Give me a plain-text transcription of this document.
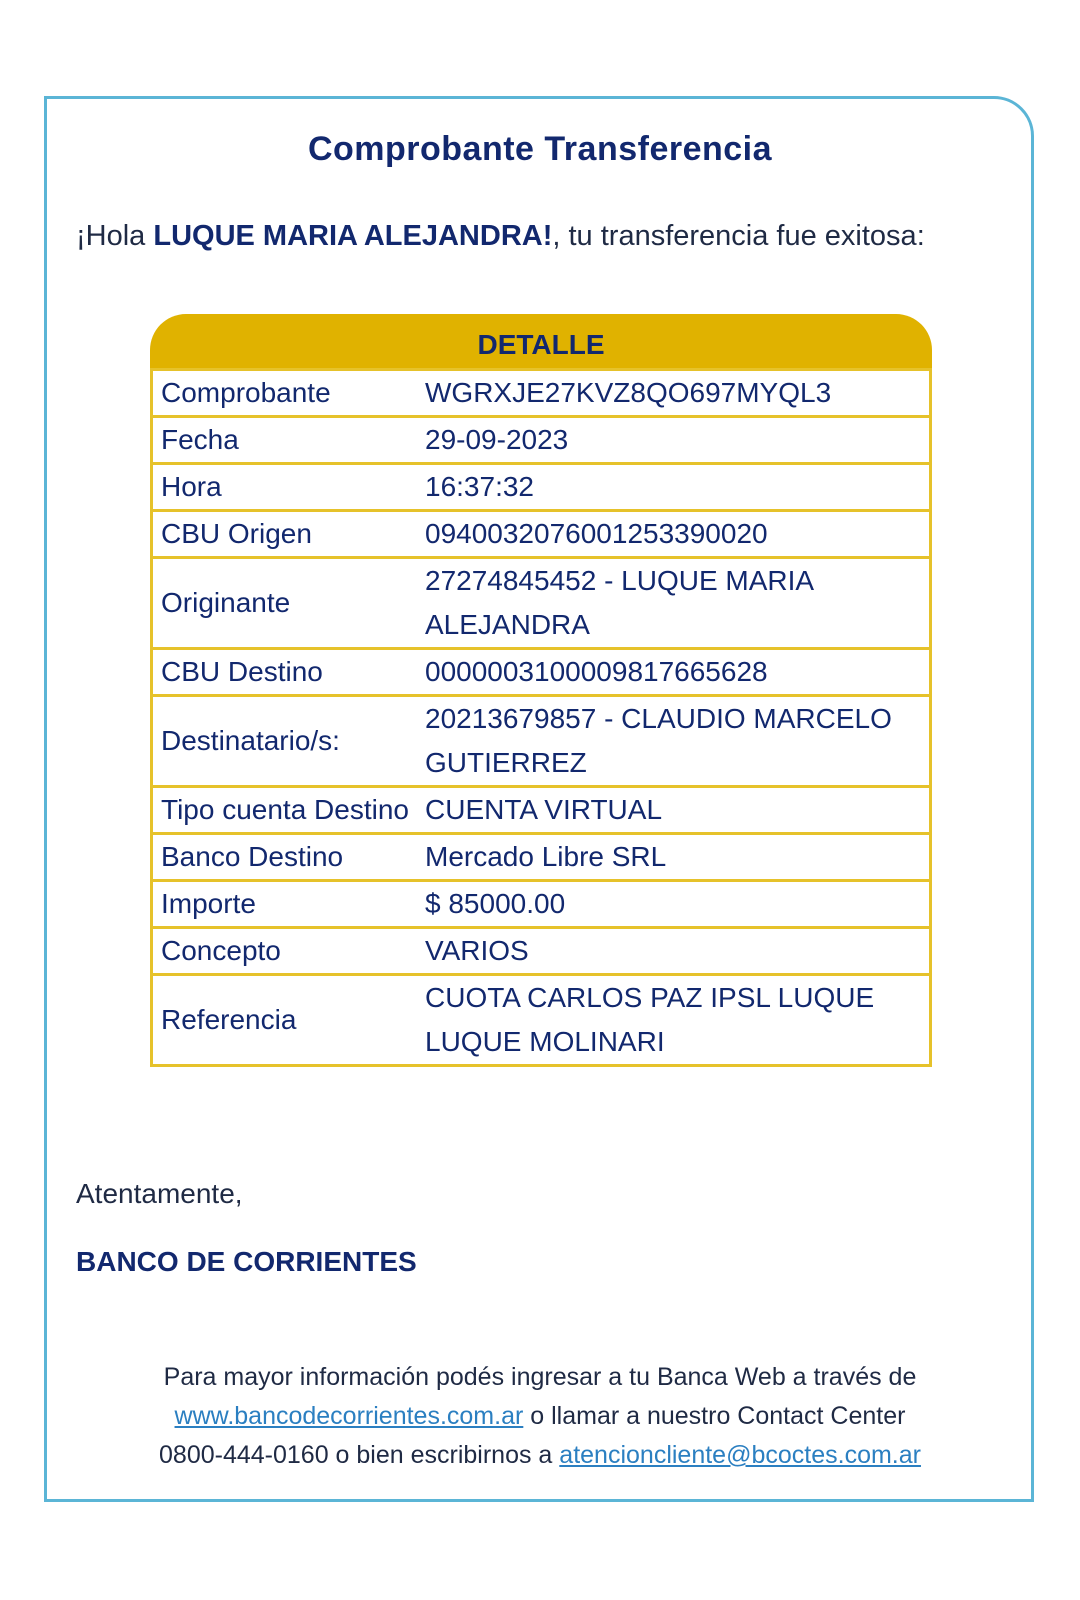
Comprobante Transferencia
¡Hola LUQUE MARIA ALEJANDRA!, tu transferencia fue exitosa:
DETALLE
Comprobante	WGRXJE27KVZ8QO697MYQL3
Fecha	29-09-2023
Hora	16:37:32
CBU Origen	0940032076001253390020
Originante	27274845452 - LUQUE MARIA ALEJANDRA
CBU Destino	0000003100009817665628
Destinatario/s:	20213679857 - CLAUDIO MARCELO GUTIERREZ
Tipo cuenta Destino	CUENTA VIRTUAL
Banco Destino	Mercado Libre SRL
Importe	$ 85000.00
Concepto	VARIOS
Referencia	CUOTA CARLOS PAZ IPSL LUQUE LUQUE MOLINARI
Atentamente,
BANCO DE CORRIENTES
Para mayor información podés ingresar a tu Banca Web a través de
www.bancodecorrientes.com.ar o llamar a nuestro Contact Center
0800-444-0160 o bien escribirnos a atencioncliente@bcoctes.com.ar
